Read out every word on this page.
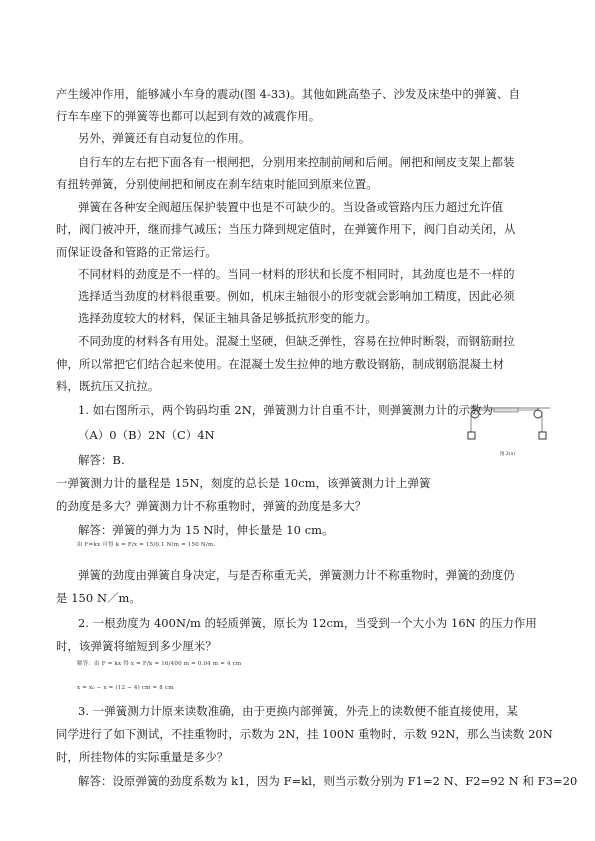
产生缓冲作用，能够减小车身的震动(图 4-33)。其他如跳高垫子、沙发及床垫中的弹簧、自
行车车座下的弹簧等也都可以起到有效的减震作用。
另外，弹簧还有自动复位的作用。
自行车的左右把下面各有一根闸把，分别用来控制前闸和后闸。闸把和闸皮支架上都装
有扭转弹簧，分别使闸把和闸皮在刹车结束时能回到原来位置。
弹簧在各种安全阀超压保护装置中也是不可缺少的。当设备或管路内压力超过允许值
时，阀门被冲开，继而排气减压；当压力降到规定值时，在弹簧作用下，阀门自动关闭，从
而保证设备和管路的正常运行。
不同材料的劲度是不一样的。当同一材料的形状和长度不相同时，其劲度也是不一样的
选择适当劲度的材料很重要。例如，机床主轴很小的形变就会影响加工精度，因此必须
选择劲度较大的材料，保证主轴具备足够抵抗形变的能力。
不同劲度的材料各有用处。混凝土坚硬，但缺乏弹性，容易在拉伸时断裂，而钢筋耐拉
伸，所以常把它们结合起来使用。在混凝土发生拉伸的地方敷设钢筋，制成钢筋混凝土材
料，既抗压又抗拉。
1. 如右图所示，两个钩码均重 2N，弹簧测力计自重不计，则弹簧测力计的示数为
（A）0（B）2N（C）4N
解答：B.
一弹簧测力计的量程是 15N，刻度的总长是 10cm，该弹簧测力计上弹簧
的劲度是多大？弹簧测力计不称重物时，弹簧的劲度是多大？
解答：弹簧的弹力为 15 N时，伸长量是 10 cm。
由 F=kx 可得 k = F/x = 15/0.1 N/m = 150 N/m。
弹簧的劲度由弹簧自身决定，与是否称重无关，弹簧测力计不称重物时，弹簧的劲度仍
是 150 N／m。
2. 一根劲度为 400N/m 的轻质弹簧，原长为 12cm，当受到一个大小为 16N 的压力作用
时，该弹簧将缩短到多少厘米？
解答：由 F = kx 得 x = F/k = 16/400 m = 0.04 m = 4 cm
x = x₀ − x = (12 − 4) cm = 8 cm
3. 一弹簧测力计原来读数准确，由于更换内部弹簧，外壳上的读数便不能直接使用，某
同学进行了如下测试，不挂重物时，示数为 2N，挂 100N 重物时，示数 92N，那么当读数 20N
时，所挂物体的实际重量是多少？
解答：设原弹簧的劲度系数为 k1，因为 F=kl，则当示数分别为 F1=2 N、F2=92 N 和 F3=20
图 2(a)
